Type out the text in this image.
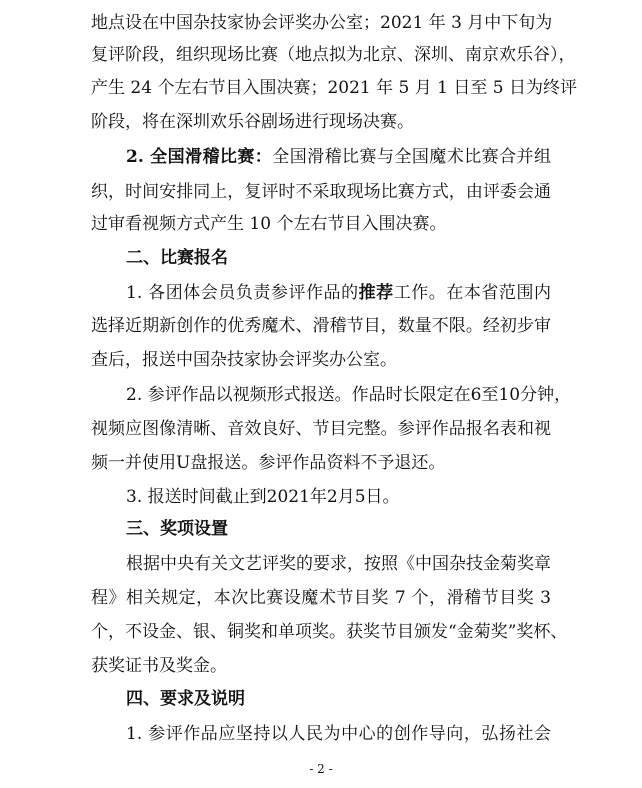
地点设在中国杂技家协会评奖办公室；2021 年 3 月中下旬为
复评阶段，组织现场比赛（地点拟为北京、深圳、南京欢乐谷），
产生 24 个左右节目入围决赛；2021 年 5 月 1 日至 5 日为终评
阶段，将在深圳欢乐谷剧场进行现场决赛。
2. 全国滑稽比赛：全国滑稽比赛与全国魔术比赛合并组
织，时间安排同上，复评时不采取现场比赛方式，由评委会通
过审看视频方式产生 10 个左右节目入围决赛。
二、比赛报名
1. 各团体会员负责参评作品的推荐工作。在本省范围内
选择近期新创作的优秀魔术、滑稽节目，数量不限。经初步审
查后，报送中国杂技家协会评奖办公室。
2. 参评作品以视频形式报送。作品时长限定在6至10分钟，
视频应图像清晰、音效良好、节目完整。参评作品报名表和视
频一并使用U盘报送。参评作品资料不予退还。
3. 报送时间截止到2021年2月5日。
三、奖项设置
根据中央有关文艺评奖的要求，按照《中国杂技金菊奖章
程》相关规定，本次比赛设魔术节目奖 7 个，滑稽节目奖 3
个，不设金、银、铜奖和单项奖。获奖节目颁发“金菊奖”奖杯、
获奖证书及奖金。
四、要求及说明
1. 参评作品应坚持以人民为中心的创作导向，弘扬社会
- 2 -
